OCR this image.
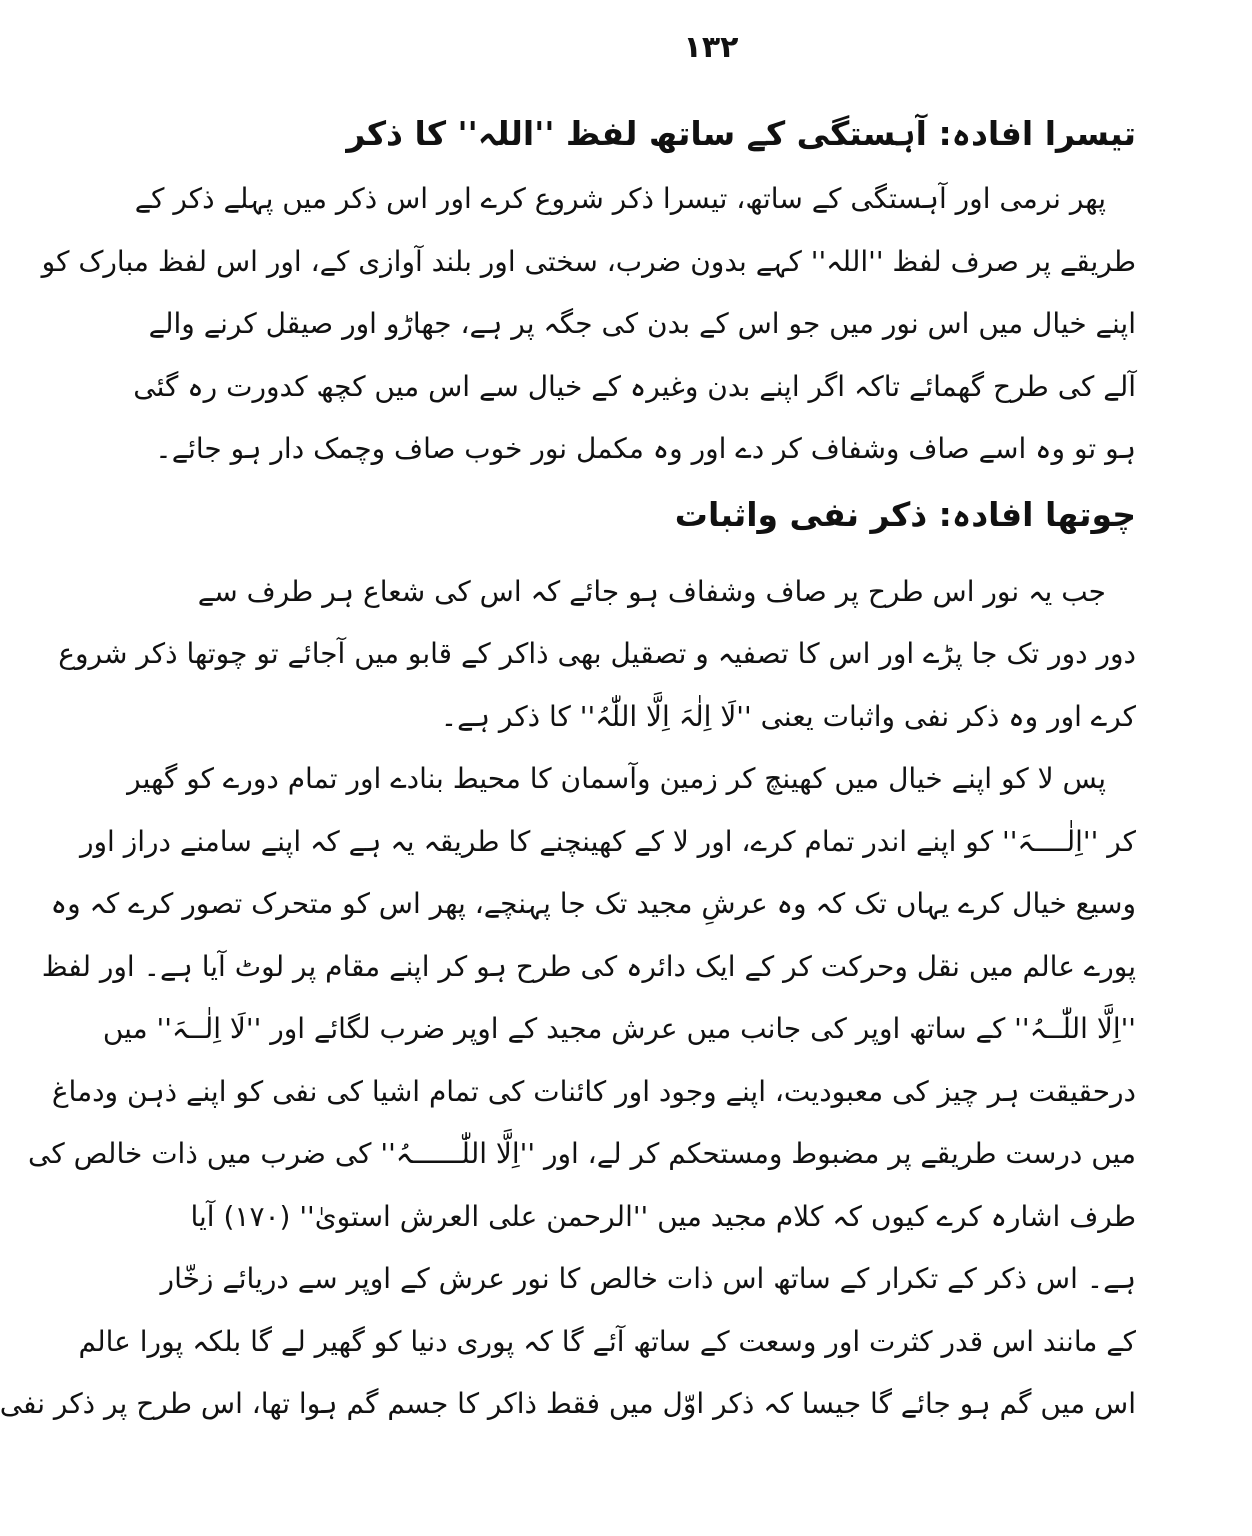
۱۳۲
تیسرا افادہ: آہستگی کے ساتھ لفظ ''اللہ'' کا ذکر
پھر نرمی اور آہستگی کے ساتھ، تیسرا ذکر شروع کرے اور اس ذکر میں پہلے ذکر کے
طریقے پر صرف لفظ ''اللہ'' کہے بدون ضرب، سختی اور بلند آوازی کے، اور اس لفظ مبارک کو
اپنے خیال میں اس نور میں جو اس کے بدن کی جگہ پر ہے، جھاڑو اور صیقل کرنے والے
آلے کی طرح گھمائے تاکہ اگر اپنے بدن وغیرہ کے خیال سے اس میں کچھ کدورت رہ گئی
ہو تو وہ اسے صاف وشفاف کر دے اور وہ مکمل نور خوب صاف وچمک دار ہو جائے۔
چوتھا افادہ: ذکر نفی واثبات
جب یہ نور اس طرح پر صاف وشفاف ہو جائے کہ اس کی شعاع ہر طرف سے
دور دور تک جا پڑے اور اس کا تصفیہ و تصقیل بھی ذاکر کے قابو میں آجائے تو چوتھا ذکر شروع
کرے اور وہ ذکر نفی واثبات یعنی ''لَا اِلٰہَ اِلَّا اللّٰہُ'' کا ذکر ہے۔
پس لا کو اپنے خیال میں کھینچ کر زمین وآسمان کا محیط بنادے اور تمام دورے کو گھیر
کر ''اِلٰــــہَ'' کو اپنے اندر تمام کرے، اور لا کے کھینچنے کا طریقہ یہ ہے کہ اپنے سامنے دراز اور
وسیع خیال کرے یہاں تک کہ وہ عرشِ مجید تک جا پہنچے، پھر اس کو متحرک تصور کرے کہ وہ
پورے عالم میں نقل وحرکت کر کے ایک دائرہ کی طرح ہو کر اپنے مقام پر لوٹ آیا ہے۔ اور لفظ
''اِلَّا اللّٰــہُ'' کے ساتھ اوپر کی جانب میں عرش مجید کے اوپر ضرب لگائے اور ''لَا اِلٰــہَ'' میں
درحقیقت ہر چیز کی معبودیت، اپنے وجود اور کائنات کی تمام اشیا کی نفی کو اپنے ذہن ودماغ
میں درست طریقے پر مضبوط ومستحکم کر لے، اور ''اِلَّا اللّٰــــــہُ'' کی ضرب میں ذات خالص کی
طرف اشارہ کرے کیوں کہ کلام مجید میں ''الرحمن علی العرش استویٰ'' (۱۷۰) آیا
ہے۔ اس ذکر کے تکرار کے ساتھ اس ذات خالص کا نور عرش کے اوپر سے دریائے زخّار
کے مانند اس قدر کثرت اور وسعت کے ساتھ آئے گا کہ پوری دنیا کو گھیر لے گا بلکہ پورا عالم
اس میں گم ہو جائے گا جیسا کہ ذکر اوّل میں فقط ذاکر کا جسم گم ہوا تھا، اس طرح پر ذکر نفی
